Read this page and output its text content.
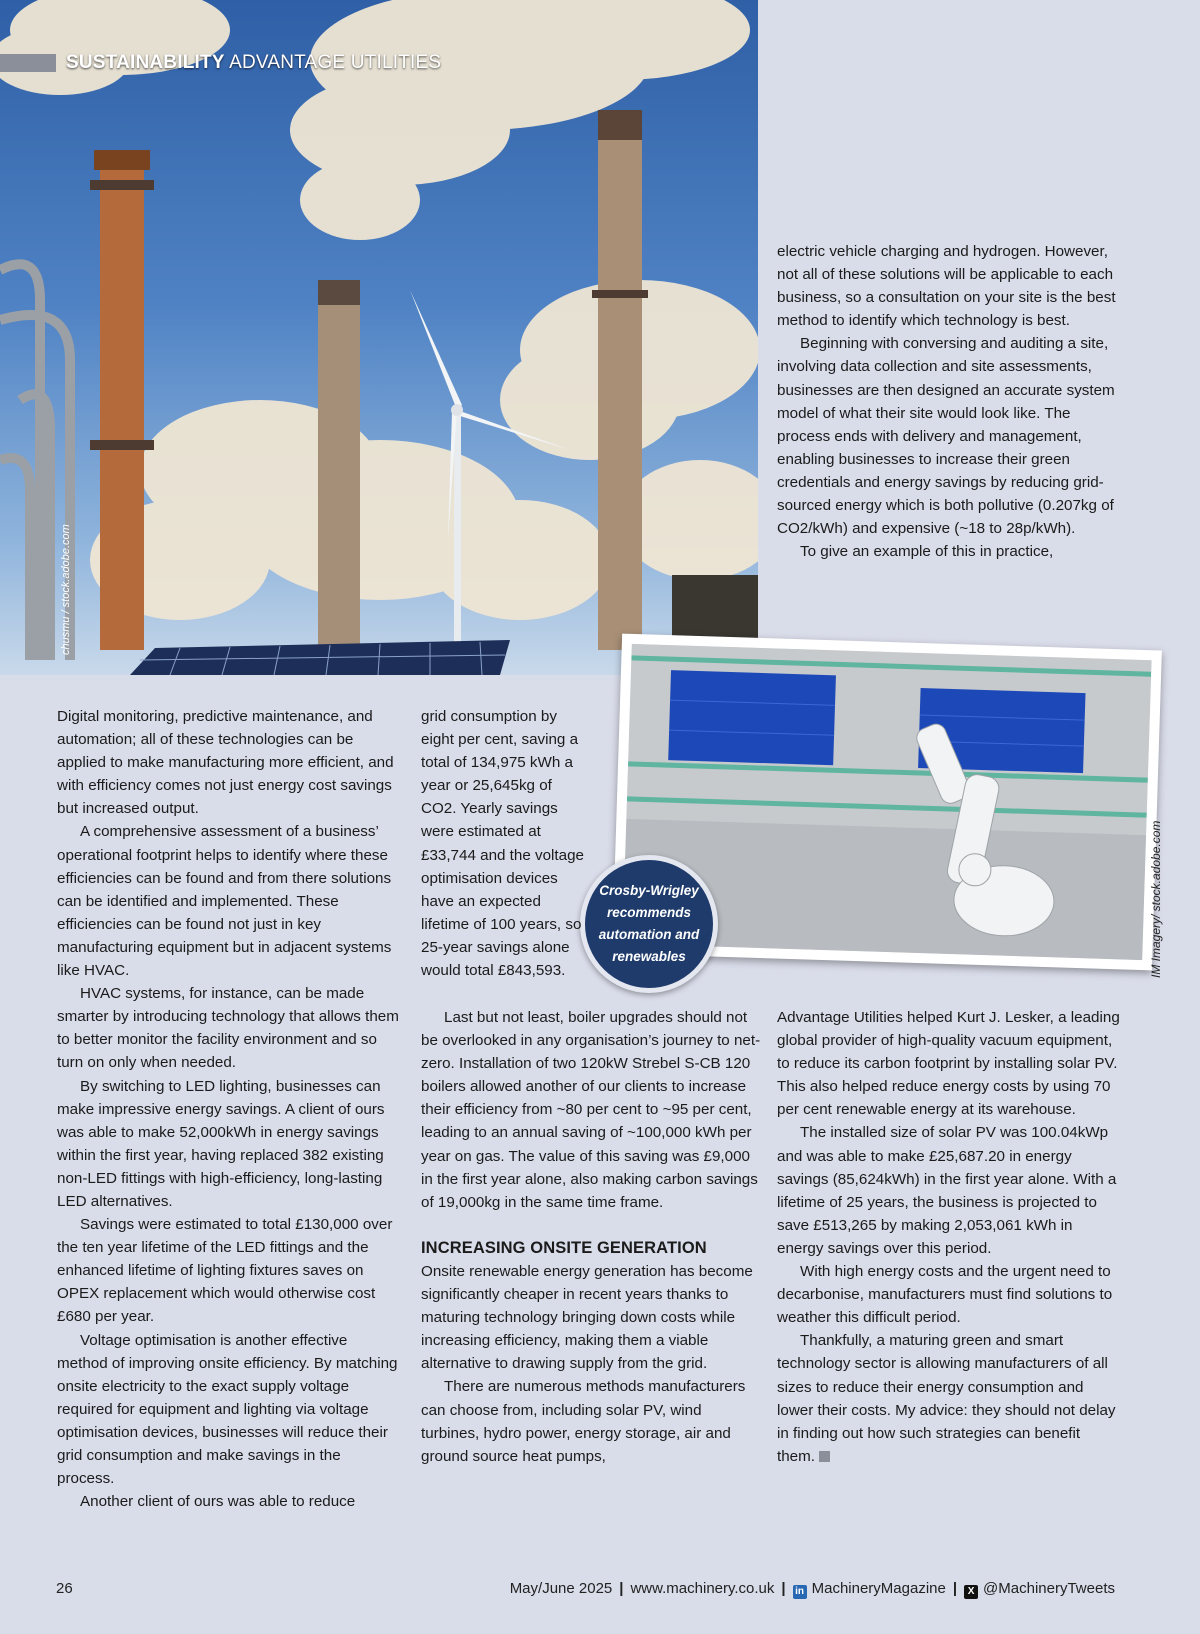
chusmu / stock.adobe.com
SUSTAINABILITY ADVANTAGE UTILITIES

electric vehicle charging and hydrogen. However, not all of these solutions will be applicable to each business, so a consultation on your site is the best method to identify which technology is best.

Beginning with conversing and auditing a site, involving data collection and site assessments, businesses are then designed an accurate system model of what their site would look like. The process ends with delivery and management, enabling businesses to increase their green credentials and energy savings by reducing grid-sourced energy which is both pollutive (0.207kg of CO2/kWh) and expensive (~18 to 28p/kWh).

To give an example of this in practice,

IM Imagery/ stock.adobe.com
Crosby-Wrigley recommends automation and renewables

Digital monitoring, predictive maintenance, and automation; all of these technologies can be applied to make manufacturing more efficient, and with efficiency comes not just energy cost savings but increased output.

A comprehensive assessment of a business’ operational footprint helps to identify where these efficiencies can be found and from there solutions can be identified and implemented. These efficiencies can be found not just in key manufacturing equipment but in adjacent systems like HVAC.

HVAC systems, for instance, can be made smarter by introducing technology that allows them to better monitor the facility environment and so turn on only when needed.

By switching to LED lighting, businesses can make impressive energy savings. A client of ours was able to make 52,000kWh in energy savings within the first year, having replaced 382 existing non-LED fittings with high-efficiency, long-lasting LED alternatives.

Savings were estimated to total £130,000 over the ten year lifetime of the LED fittings and the enhanced lifetime of lighting fixtures saves on OPEX replacement which would otherwise cost £680 per year.

Voltage optimisation is another effective method of improving onsite efficiency. By matching onsite electricity to the exact supply voltage required for equipment and lighting via voltage optimisation devices, businesses will reduce their grid consumption and make savings in the process.

Another client of ours was able to reduce

grid consumption by eight per cent, saving a total of 134,975 kWh a year or 25,645kg of CO2. Yearly savings were estimated at £33,744 and the voltage optimisation devices have an expected lifetime of 100 years, so 25-year savings alone would total £843,593.

Last but not least, boiler upgrades should not be overlooked in any organisation’s journey to net-zero. Installation of two 120kW Strebel S-CB 120 boilers allowed another of our clients to increase their efficiency from ~80 per cent to ~95 per cent, leading to an annual saving of ~100,000 kWh per year on gas. The value of this saving was £9,000 in the first year alone, also making carbon savings of 19,000kg in the same time frame.

INCREASING ONSITE GENERATION

Onsite renewable energy generation has become significantly cheaper in recent years thanks to maturing technology bringing down costs while increasing efficiency, making them a viable alternative to drawing supply from the grid.

There are numerous methods manufacturers can choose from, including solar PV, wind turbines, hydro power, energy storage, air and ground source heat pumps,

Advantage Utilities helped Kurt J. Lesker, a leading global provider of high-quality vacuum equipment, to reduce its carbon footprint by installing solar PV. This also helped reduce energy costs by using 70 per cent renewable energy at its warehouse.

The installed size of solar PV was 100.04kWp and was able to make £25,687.20 in energy savings (85,624kWh) in the first year alone. With a lifetime of 25 years, the business is projected to save £513,265 by making 2,053,061 kWh in energy savings over this period.

With high energy costs and the urgent need to decarbonise, manufacturers must find solutions to weather this difficult period.

Thankfully, a maturing green and smart technology sector is allowing manufacturers of all sizes to reduce their energy consumption and lower their costs. My advice: they should not delay in finding out how such strategies can benefit them.

26	May/June 2025 | www.machinery.co.uk | in MachineryMagazine | X @MachineryTweets
